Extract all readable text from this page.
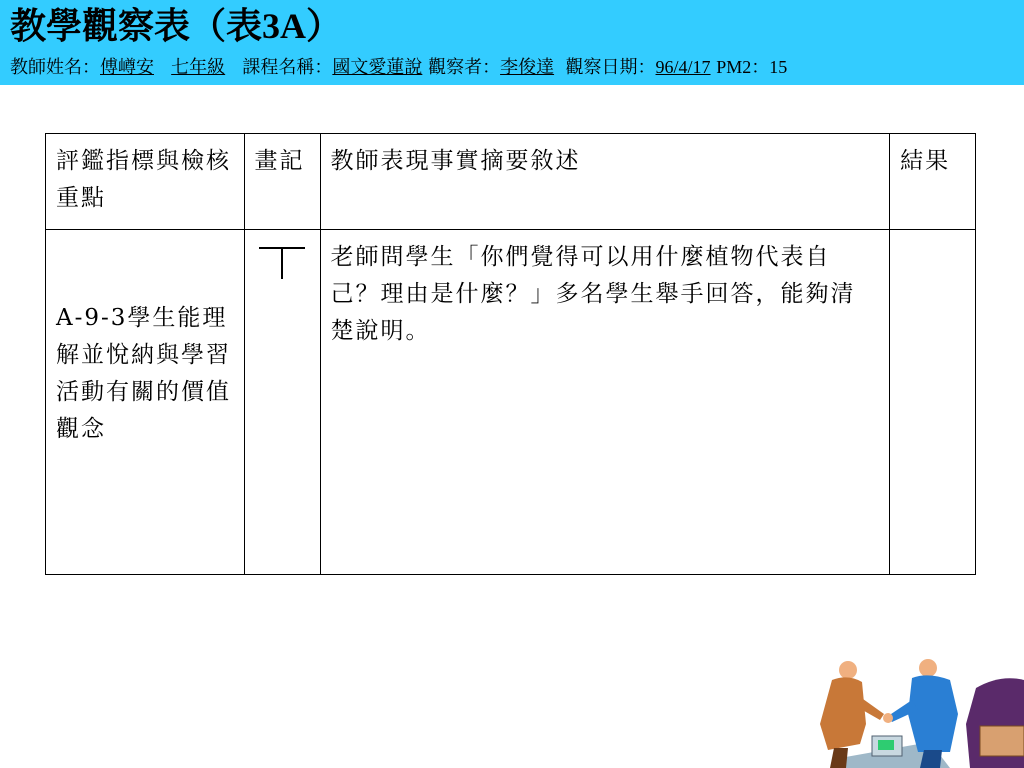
教學觀察表（表3A）
教師姓名：傅嶟安 七年級 課程名稱：國文愛蓮說 觀察者：李俊達 觀察日期：96/4/17 PM2：15
評鑑指標與檢核重點	畫記	教師表現事實摘要敘述	結果
A-9-3學生能理解並悅納與學習活動有關的價值觀念		老師問學生「你們覺得可以用什麼植物代表自己？理由是什麼？」多名學生舉手回答，能夠清楚說明。	
